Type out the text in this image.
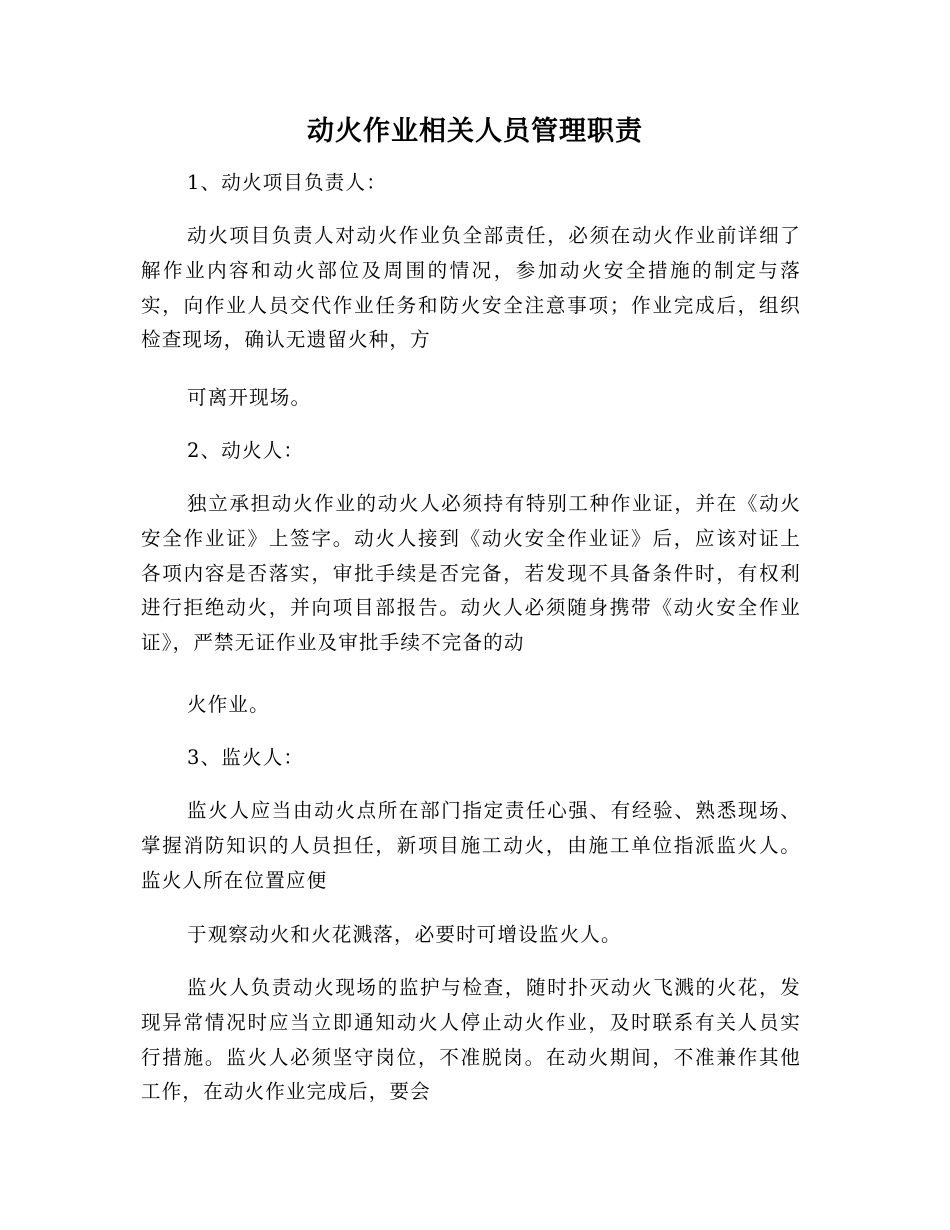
动火作业相关人员管理职责

1、动火项目负责人：

动火项目负责人对动火作业负全部责任，必须在动火作业前详细了解作业内容和动火部位及周围的情况，参加动火安全措施的制定与落实，向作业人员交代作业任务和防火安全注意事项；作业完成后，组织检查现场，确认无遗留火种，方

可离开现场。

2、动火人：

独立承担动火作业的动火人必须持有特别工种作业证，并在《动火安全作业证》上签字。动火人接到《动火安全作业证》后，应该对证上各项内容是否落实，审批手续是否完备，若发现不具备条件时，有权利进行拒绝动火，并向项目部报告。动火人必须随身携带《动火安全作业证》，严禁无证作业及审批手续不完备的动

火作业。

3、监火人：

监火人应当由动火点所在部门指定责任心强、有经验、熟悉现场、掌握消防知识的人员担任，新项目施工动火，由施工单位指派监火人。监火人所在位置应便

于观察动火和火花溅落，必要时可增设监火人。

监火人负责动火现场的监护与检查，随时扑灭动火飞溅的火花，发现异常情况时应当立即通知动火人停止动火作业，及时联系有关人员实行措施。监火人必须坚守岗位，不准脱岗。在动火期间，不准兼作其他工作，在动火作业完成后，要会
